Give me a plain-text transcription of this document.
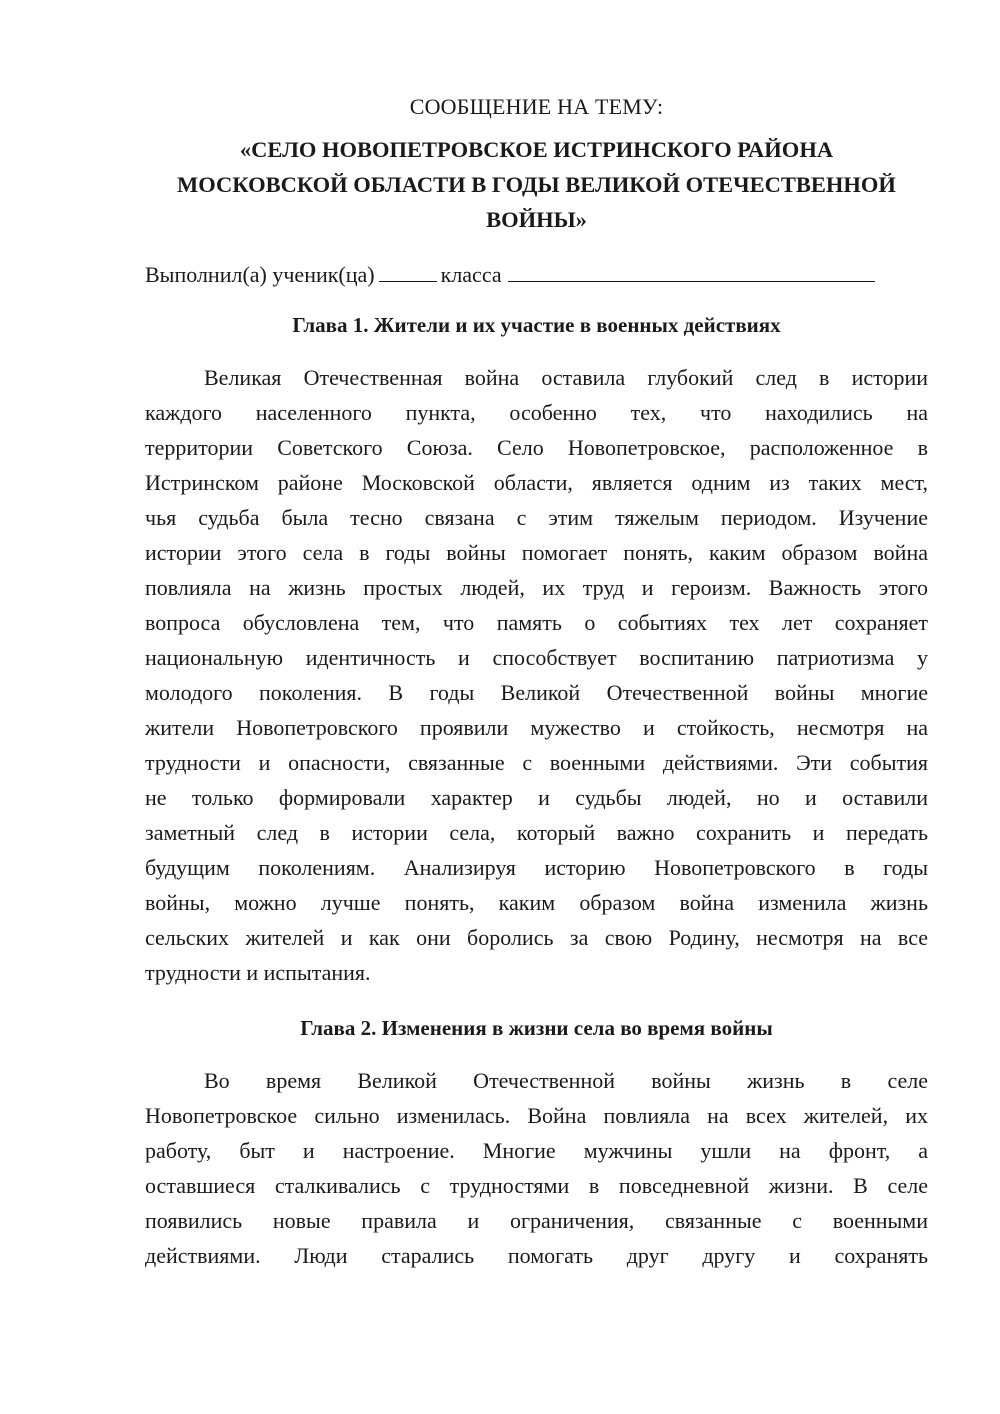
СООБЩЕНИЕ НА ТЕМУ:
«СЕЛО НОВОПЕТРОВСКОЕ ИСТРИНСКОГО РАЙОНА
МОСКОВСКОЙ ОБЛАСТИ В ГОДЫ ВЕЛИКОЙ ОТЕЧЕСТВЕННОЙ
ВОЙНЫ»
Выполнил(а) ученик(ца)	класса
Глава 1. Жители и их участие в военных действиях
Великая Отечественная война оставила глубокий след в истории
каждого населенного пункта, особенно тех, что находились на
территории Советского Союза. Село Новопетровское, расположенное в
Истринском районе Московской области, является одним из таких мест,
чья судьба была тесно связана с этим тяжелым периодом. Изучение
истории этого села в годы войны помогает понять, каким образом война
повлияла на жизнь простых людей, их труд и героизм. Важность этого
вопроса обусловлена тем, что память о событиях тех лет сохраняет
национальную идентичность и способствует воспитанию патриотизма у
молодого поколения. В годы Великой Отечественной войны многие
жители Новопетровского проявили мужество и стойкость, несмотря на
трудности и опасности, связанные с военными действиями. Эти события
не только формировали характер и судьбы людей, но и оставили
заметный след в истории села, который важно сохранить и передать
будущим поколениям. Анализируя историю Новопетровского в годы
войны, можно лучше понять, каким образом война изменила жизнь
сельских жителей и как они боролись за свою Родину, несмотря на все
трудности и испытания.
Глава 2. Изменения в жизни села во время войны
Во время Великой Отечественной войны жизнь в селе
Новопетровское сильно изменилась. Война повлияла на всех жителей, их
работу, быт и настроение. Многие мужчины ушли на фронт, а
оставшиеся сталкивались с трудностями в повседневной жизни. В селе
появились новые правила и ограничения, связанные с военными
действиями. Люди старались помогать друг другу и сохранять
